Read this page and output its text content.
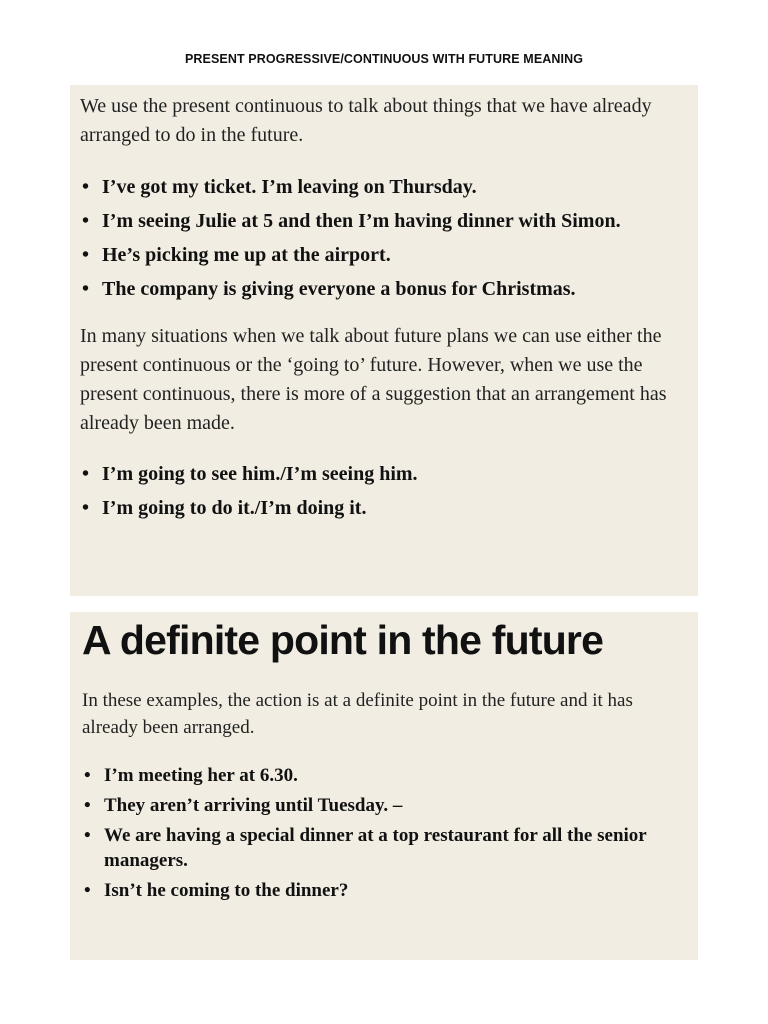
PRESENT PROGRESSIVE/CONTINUOUS WITH FUTURE MEANING

We use the present continuous to talk about things that we have already arranged to do in the future.

• I’ve got my ticket. I’m leaving on Thursday.
• I’m seeing Julie at 5 and then I’m having dinner with Simon.
• He’s picking me up at the airport.
• The company is giving everyone a bonus for Christmas.

In many situations when we talk about future plans we can use either the present continuous or the ‘going to’ future. However, when we use the present continuous, there is more of a suggestion that an arrangement has already been made.

• I’m going to see him./I’m seeing him.
• I’m going to do it./I’m doing it.
A definite point in the future

In these examples, the action is at a definite point in the future and it has already been arranged.

• I’m meeting her at 6.30.
• They aren’t arriving until Tuesday. –
• We are having a special dinner at a top restaurant for all the senior managers.
• Isn’t he coming to the dinner?
